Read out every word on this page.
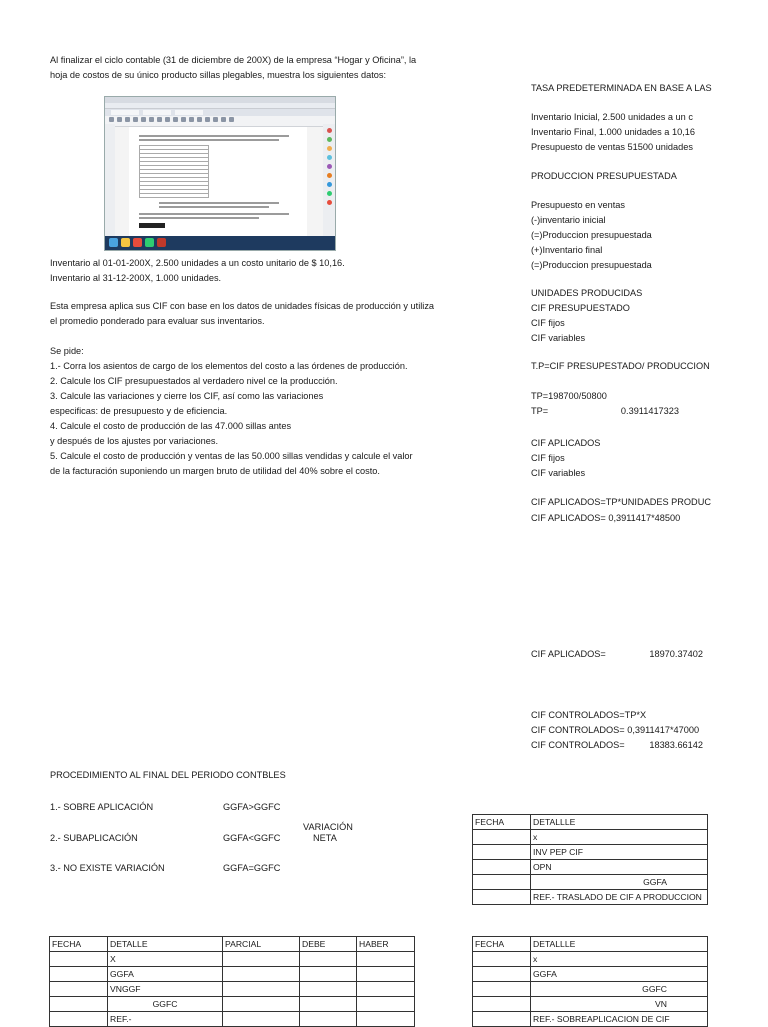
Al finalizar el ciclo contable (31 de diciembre de 200X) de la empresa “Hogar y Oficina”, la
hoja de costos de su único producto sillas plegables, muestra los siguientes datos:
Inventario al 01-01-200X, 2.500 unidades a un costo unitario de $ 10,16.
Inventario al 31-12-200X, 1.000 unidades.
Esta empresa aplica sus CIF con base en los datos de unidades físicas de producción y utiliza
el promedio ponderado para evaluar sus inventarios.
Se pide:
1.- Corra los asientos de cargo de los elementos del costo a las órdenes de producción.
2. Calcule los CIF presupuestados al verdadero nivel ce la producción.
3. Calcule las variaciones y cierre los CIF, así como las variaciones
especificas: de presupuesto y de eficiencia.
4. Calcule el costo de producción de las 47.000 sillas antes
y después de los ajustes por variaciones.
5. Calcule el costo de producción y ventas de las 50.000 sillas vendidas y calcule el valor
de la facturación suponiendo un margen bruto de utilidad del 40% sobre el costo.
TASA PREDETERMINADA EN BASE A LAS
Inventario Inicial, 2.500 unidades a un c
Inventario Final, 1.000 unidades a 10,16
Presupuesto de ventas 51500 unidades
PRODUCCION PRESUPUESTADA
Presupuesto en ventas
(-)inventario inicial
(=)Produccion presupuestada
(+)Inventario final
(=)Produccion presupuestada
UNIDADES PRODUCIDAS
CIF PRESUPUESTADO
CIF fijos
CIF variables
T.P=CIF PRESUPESTADO/ PRODUCCION
TP=198700/50800
TP=	0.3911417323
CIF APLICADOS
CIF fijos
CIF variables
CIF APLICADOS=TP*UNIDADES PRODUC
CIF APLICADOS= 0,3911417*48500
CIF APLICADOS=	18970.37402
CIF CONTROLADOS=TP*X
CIF CONTROLADOS= 0,3911417*47000
CIF CONTROLADOS=	18383.66142
PROCEDIMIENTO AL FINAL DEL PERIODO CONTBLES
1.- SOBRE APLICACIÓN	GGFA>GGFC
VARIACIÓN
NETA
2.- SUBAPLICACIÓN	GGFA<GGFC
3.- NO EXISTE VARIACIÓN	GGFA=GGFC
FECHA	DETALLLE
	x
	INV PEP CIF
	OPN
	GGFA
	REF.- TRASLADO DE CIF A PRODUCCION
FECHA	DETALLE	PARCIAL	DEBE	HABER
	X			
	GGFA			
	VNGGF			
	GGFC			
	REF.-			
FECHA	DETALLLE
	x
	GGFA
	GGFC
	VN
	REF.- SOBREAPLICACION DE CIF
